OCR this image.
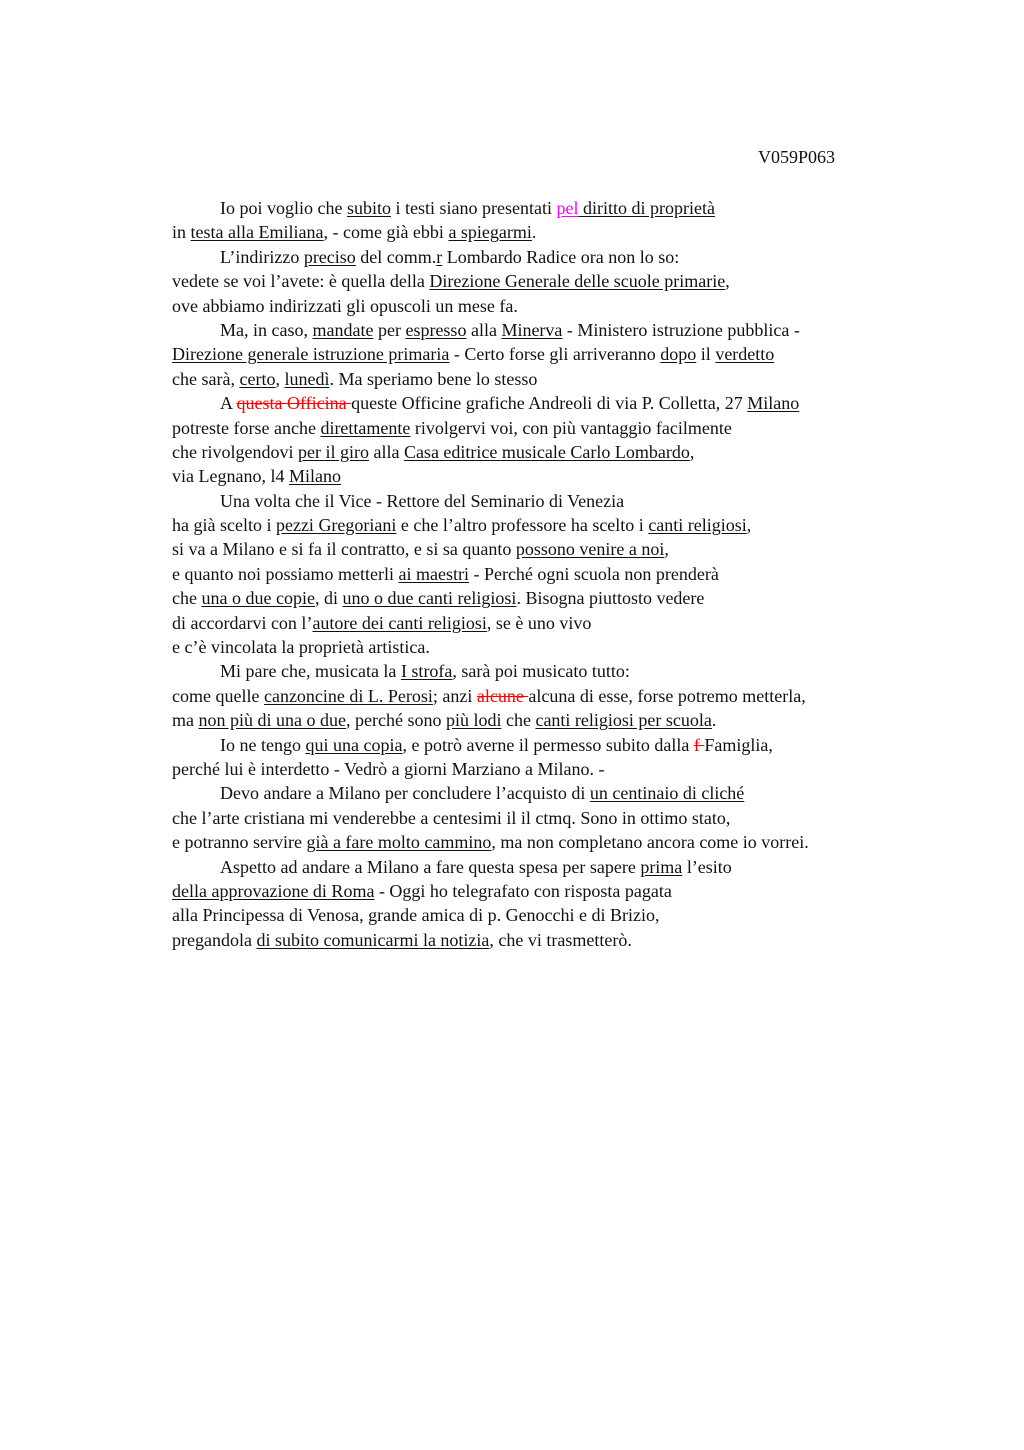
V059P063
Io poi voglio che subito i testi siano presentati pel diritto di proprietà
in testa alla Emiliana, - come già ebbi a spiegarmi.
L’indirizzo preciso del comm.r Lombardo Radice ora non lo so:
vedete se voi l’avete: è quella della Direzione Generale delle scuole primarie,
ove abbiamo indirizzati gli opuscoli un mese fa.
Ma, in caso, mandate per espresso alla Minerva - Ministero istruzione pubblica -
Direzione generale istruzione primaria - Certo forse gli arriveranno dopo il verdetto
che sarà, certo, lunedì. Ma speriamo bene lo stesso
A questa Officina queste Officine grafiche Andreoli di via P. Colletta, 27 Milano
potreste forse anche direttamente rivolgervi voi, con più vantaggio facilmente
che rivolgendovi per il giro alla Casa editrice musicale Carlo Lombardo,
via Legnano, l4 Milano
Una volta che il Vice - Rettore del Seminario di Venezia
ha già scelto i pezzi Gregoriani e che l’altro professore ha scelto i canti religiosi,
si va a Milano e si fa il contratto, e si sa quanto possono venire a noi,
e quanto noi possiamo metterli ai maestri - Perché ogni scuola non prenderà
che una o due copie, di uno o due canti religiosi. Bisogna piuttosto vedere
di accordarvi con l’autore dei canti religiosi, se è uno vivo
e c’è vincolata la proprietà artistica.
Mi pare che, musicata la I strofa, sarà poi musicato tutto:
come quelle canzoncine di L. Perosi; anzi alcune alcuna di esse, forse potremo metterla,
ma non più di una o due, perché sono più lodi che canti religiosi per scuola.
Io ne tengo qui una copia, e potrò averne il permesso subito dalla f Famiglia,
perché lui è interdetto - Vedrò a giorni Marziano a Milano. -
Devo andare a Milano per concludere l’acquisto di un centinaio di cliché
che l’arte cristiana mi venderebbe a centesimi il il ctmq. Sono in ottimo stato,
e potranno servire già a fare molto cammino, ma non completano ancora come io vorrei.
Aspetto ad andare a Milano a fare questa spesa per sapere prima l’esito
della approvazione di Roma - Oggi ho telegrafato con risposta pagata
alla Principessa di Venosa, grande amica di p. Genocchi e di Brizio,
pregandola di subito comunicarmi la notizia, che vi trasmetterò.
